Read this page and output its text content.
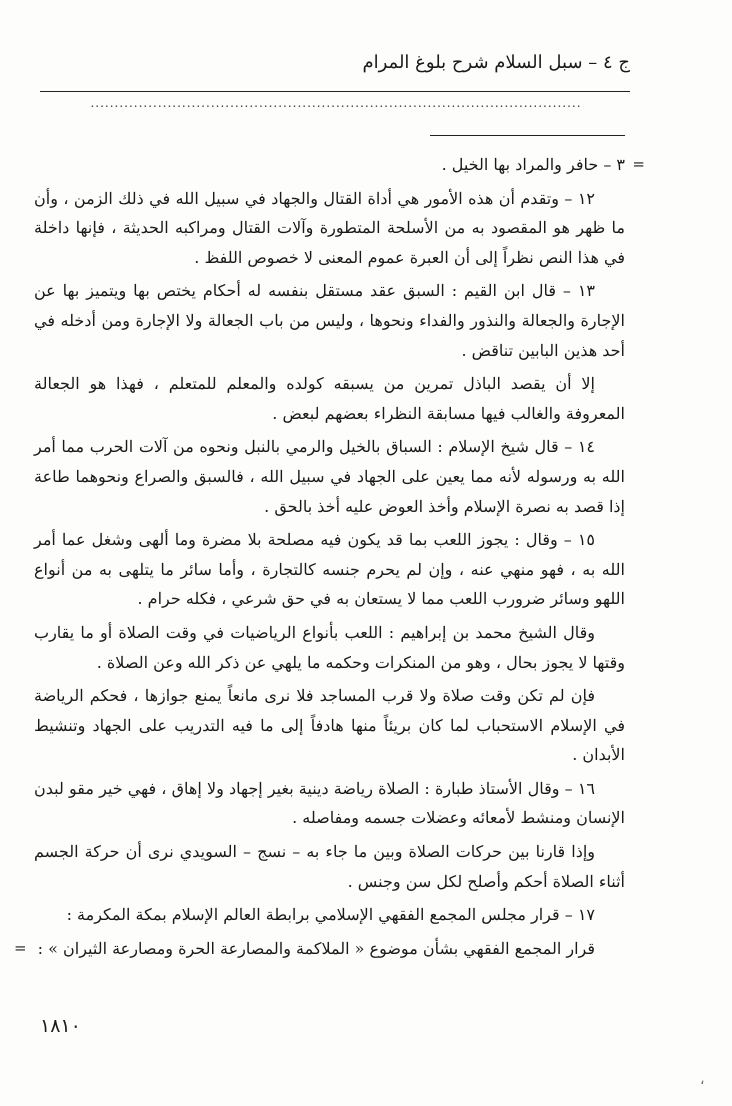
ج ٤ – سبل السلام شرح بلوغ المرام
......................................................................................................

=
٣ – حافر والمراد بها الخيل .

١٢ – وتقدم أن هذه الأمور هي أداة القتال والجهاد في سبيل الله في ذلك الزمن ، وأن ما ظهر هو المقصود به من الأسلحة المتطورة وآلات القتال ومراكبه الحديثة ، فإنها داخلة في هذا النص نظراً إلى أن العبرة عموم المعنى لا خصوص اللفظ .

١٣ – قال ابن القيم : السبق عقد مستقل بنفسه له أحكام يختص بها ويتميز بها عن الإجارة والجعالة والنذور والفداء ونحوها ، وليس من باب الجعالة ولا الإجارة ومن أدخله في أحد هذين البابين تناقض .

إلا أن يقصد الباذل تمرين من يسبقه كولده والمعلم للمتعلم ، فهذا هو الجعالة المعروفة والغالب فيها مسابقة النظراء بعضهم لبعض .

١٤ – قال شيخ الإسلام : السباق بالخيل والرمي بالنبل ونحوه من آلات الحرب مما أمر الله به ورسوله لأنه مما يعين على الجهاد في سبيل الله ، فالسبق والصراع ونحوهما طاعة إذا قصد به نصرة الإسلام وأخذ العوض عليه أخذ بالحق .

١٥ – وقال : يجوز اللعب بما قد يكون فيه مصلحة بلا مضرة وما ألهى وشغل عما أمر الله به ، فهو منهي عنه ، وإن لم يحرم جنسه كالتجارة ، وأما سائر ما يتلهى به من أنواع اللهو وسائر ضرورب اللعب مما لا يستعان به في حق شرعي ، فكله حرام .

وقال الشيخ محمد بن إبراهيم : اللعب بأنواع الرياضيات في وقت الصلاة أو ما يقارب وقتها لا يجوز بحال ، وهو من المنكرات وحكمه ما يلهي عن ذكر الله وعن الصلاة .

فإن لم تكن وقت صلاة ولا قرب المساجد فلا نرى مانعاً يمنع جوازها ، فحكم الرياضة في الإسلام الاستحباب لما كان بريئاً منها هادفاً إلى ما فيه التدريب على الجهاد وتنشيط الأبدان .

١٦ – وقال الأستاذ طبارة : الصلاة رياضة دينية بغير إجهاد ولا إهاق ، فهي خير مقو لبدن الإنسان ومنشط لأمعائه وعضلات جسمه ومفاصله .

وإذا قارنا بين حركات الصلاة وبين ما جاء به – نسج – السويدي نرى أن حركة الجسم أثناء الصلاة أحكم وأصلح لكل سن وجنس .

١٧ – قرار مجلس المجمع الفقهي الإسلامي برابطة العالم الإسلام بمكة المكرمة :

قرار المجمع الفقهي بشأن موضوع « الملاكمة والمصارعة الحرة ومصارعة الثيران » :
=

١٨١٠
،
